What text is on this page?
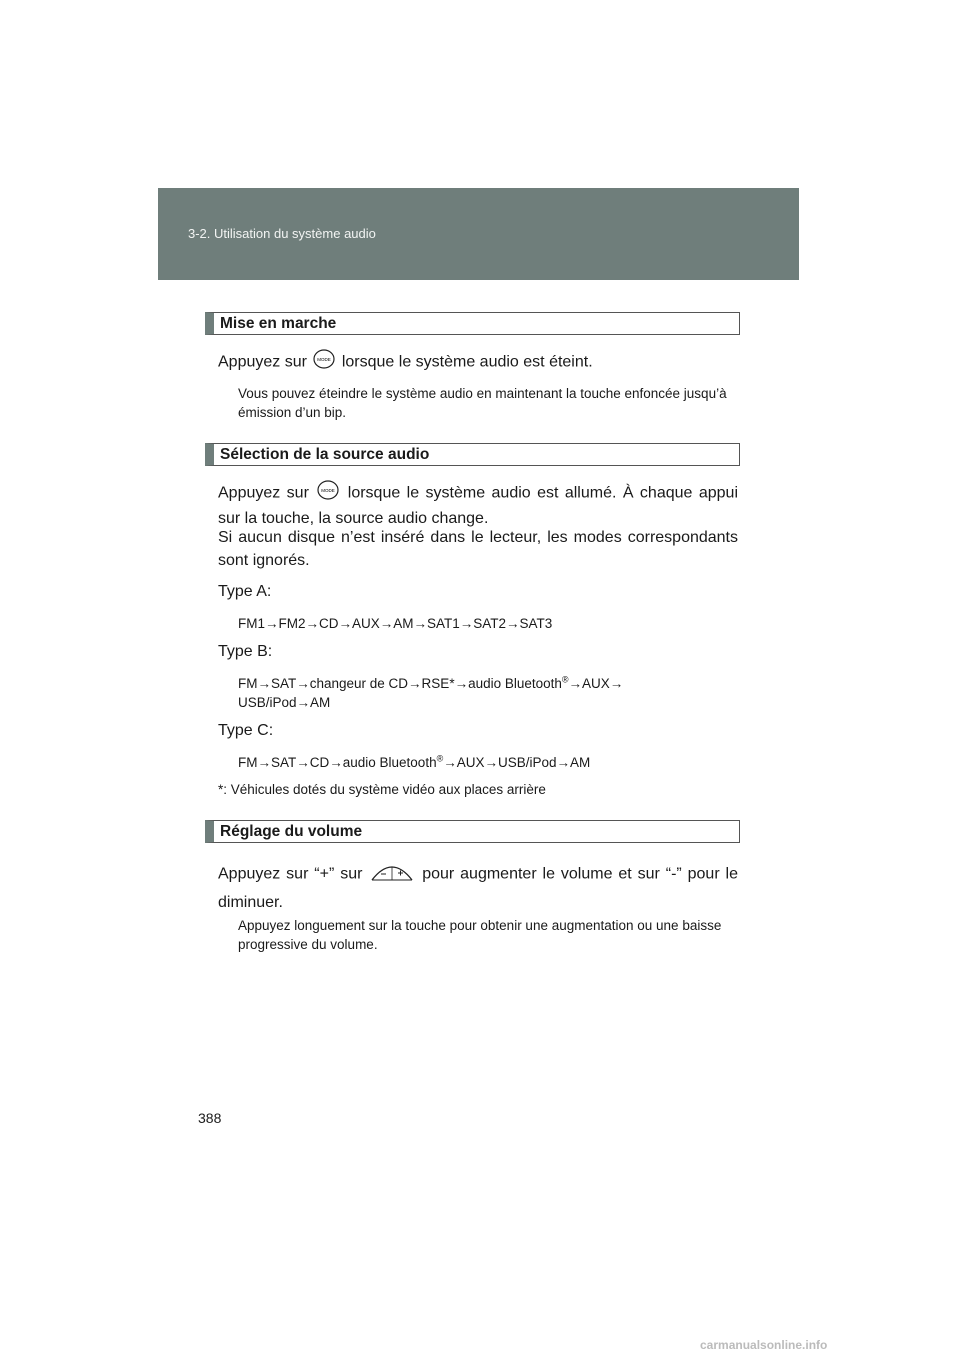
3-2. Utilisation du système audio
Mise en marche
Appuyez sur MODE lorsque le système audio est éteint.
Vous pouvez éteindre le système audio en maintenant la touche enfoncée jusqu’à émission d’un bip.
Sélection de la source audio
Appuyez sur	MODE lorsque le système audio est allumé. À chaque appui sur la touche, la source audio change.
Si aucun disque n’est inséré dans le lecteur, les modes correspondants sont ignorés.
Type A:
FM1→FM2→CD→AUX→AM→SAT1→SAT2→SAT3
Type B:
FM→SAT→changeur de CD→RSE*→audio Bluetooth®→AUX→
USB/iPod→AM
Type C:
FM→SAT→CD→audio Bluetooth®→AUX→USB/iPod→AM
*: Véhicules dotés du système vidéo aux places arrière
Réglage du volume
Appuyez sur “+” sur	pour augmenter le volume et sur “-” pour le diminuer.
Appuyez longuement sur la touche pour obtenir une augmentation ou une baisse progressive du volume.
388
carmanualsonline.info
